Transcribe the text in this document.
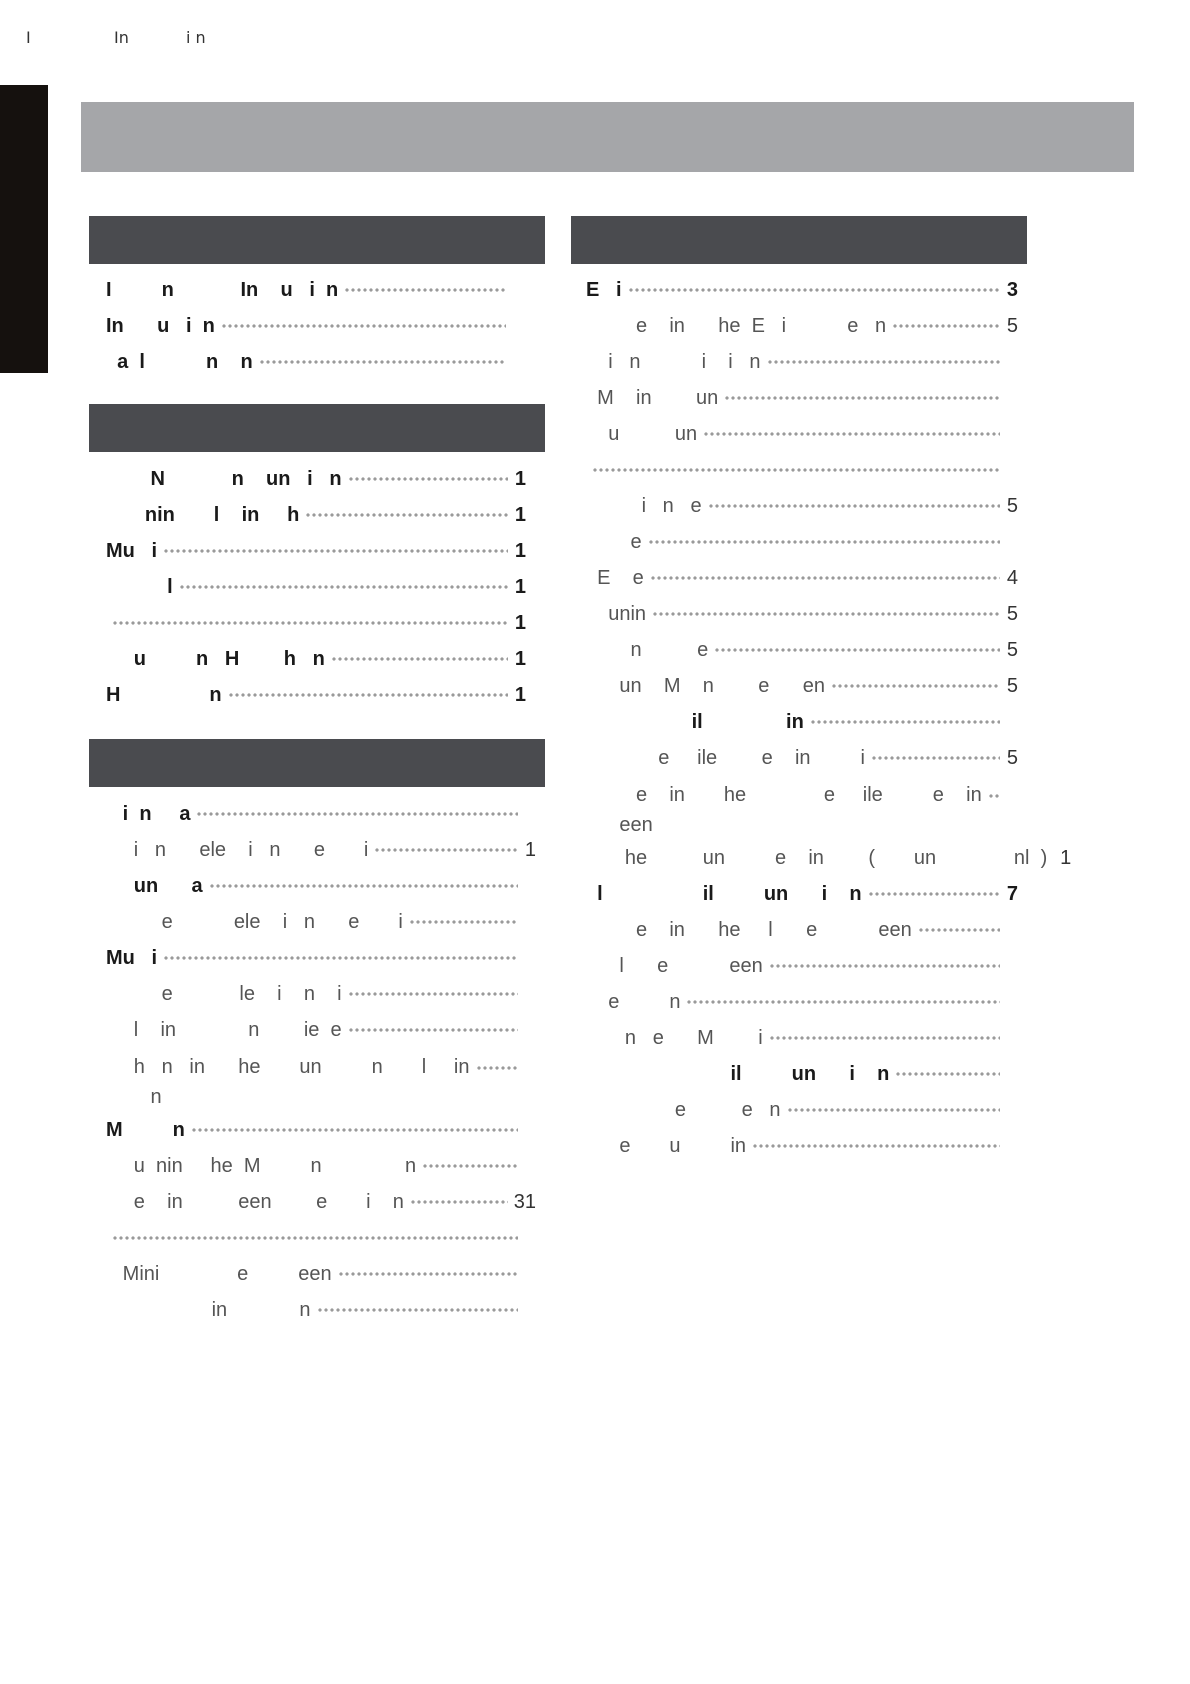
I	In	i n
I         n            In    u   i  n
In      u   i  n
a  l           n    n
N            n    un   i   n	1
nin       l    in     h	1
Mu   i	1
l	1
1
u         n   H        h   n	1
H                n	1
i  n     a
i   n      ele    i   n      e       i	1
un      a
e           ele    i   n      e       i
Mu   i
e            le    i    n    i
l    in             n        ie  e
h   n   in      he       un         n       l     in
n
M         n
u  nin     he  M         n               n
e    in          een        e       i    n	31
Mini              e         een
in             n
E   i	3
e    in      he  E   i           e   n	5
i   n           i    i   n
M    in        un
u          un
i   n   e	5
e
E    e	4
unin	5
n          e	5
un    M    n        e      en	5
il               in
e     ile        e    in         i	5
e    in       he              e     ile         e    in
een
he          un         e    in        (       un              nl  ) 1
l                  il         un      i    n	7
e    in      he     l      e           een
l      e           een
e         n
n   e      M        i
il         un      i    n
e          e   n
e       u         in
